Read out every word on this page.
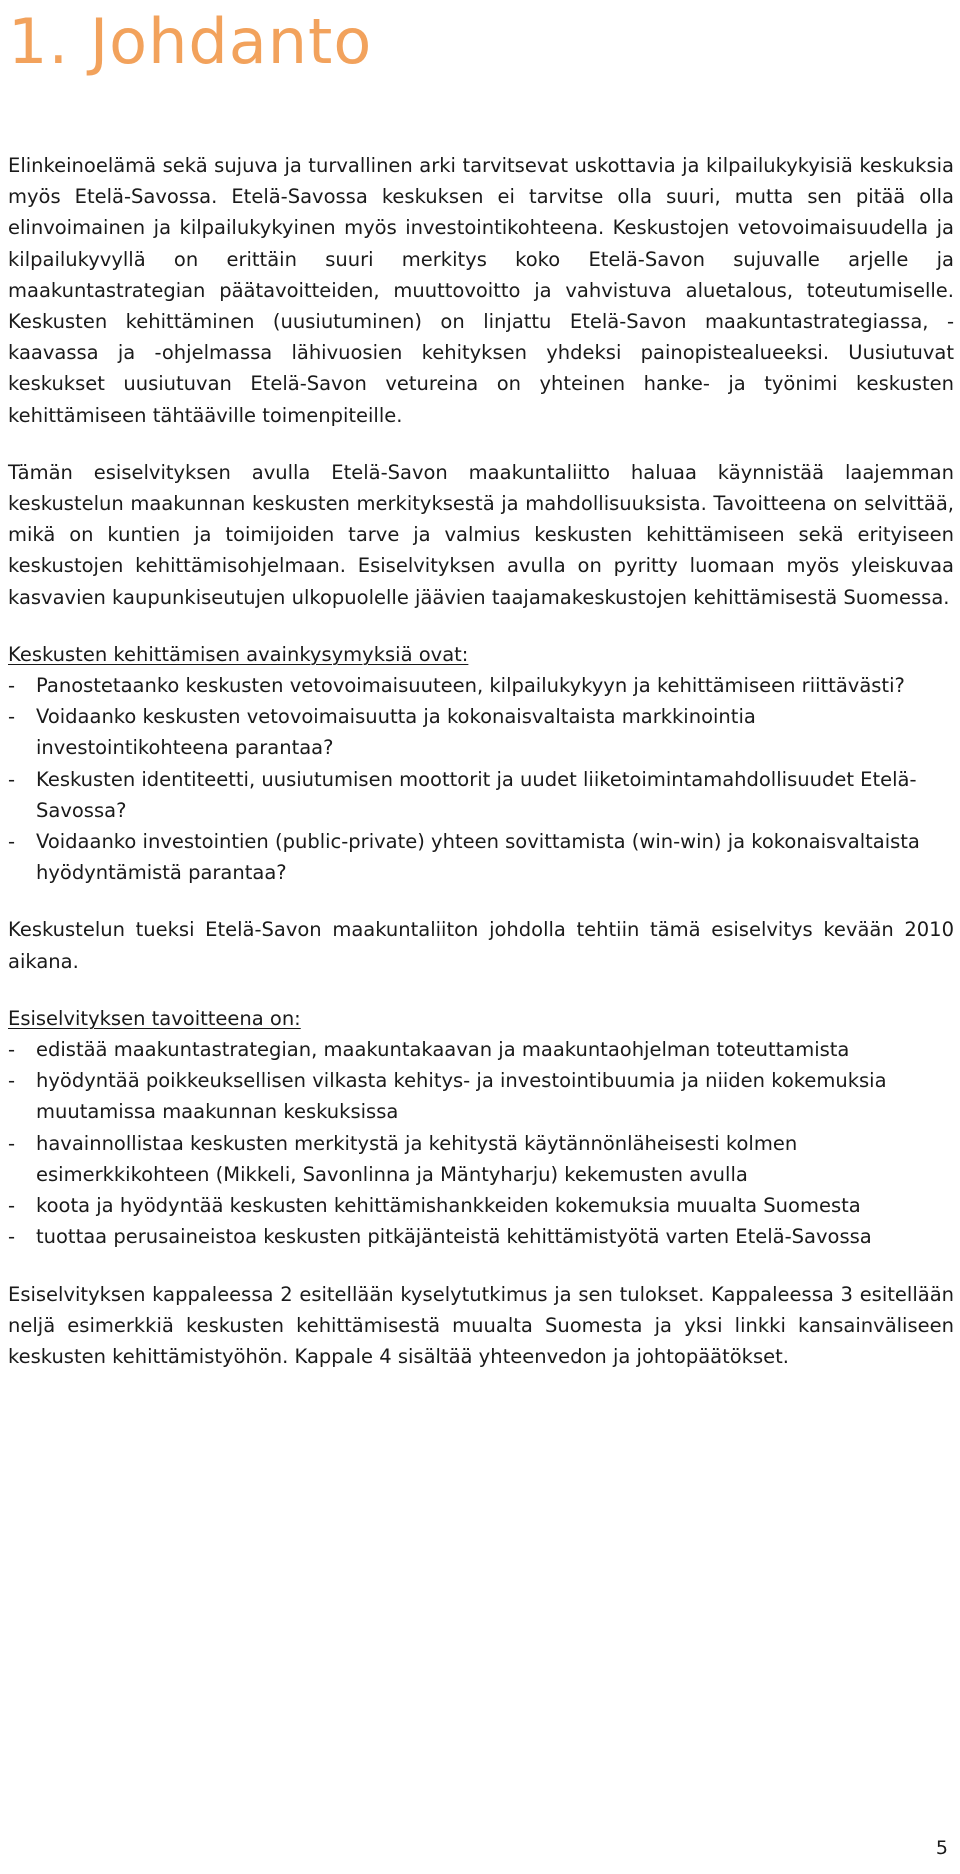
1. Johdanto

Elinkeinoelämä sekä sujuva ja turvallinen arki tarvitsevat uskottavia ja kilpailukykyisiä keskuksia myös Etelä-Savossa. Etelä-Savossa keskuksen ei tarvitse olla suuri, mutta sen pitää olla elinvoimainen ja kilpailukykyinen myös investointikohteena. Keskustojen vetovoimaisuudella ja kilpailukyvyllä on erittäin suuri merkitys koko Etelä-Savon sujuvalle arjelle ja maakuntastrategian päätavoitteiden, muuttovoitto ja vahvistuva aluetalous, toteutumiselle. Keskusten kehittäminen (uusiutuminen) on linjattu Etelä-Savon maakuntastrategiassa, -kaavassa ja -ohjelmassa lähivuosien kehityksen yhdeksi painopistealueeksi. Uusiutuvat keskukset uusiutuvan Etelä-Savon vetureina on yhteinen hanke- ja työnimi keskusten kehittämiseen tähtääville toimenpiteille.

Tämän esiselvityksen avulla Etelä-Savon maakuntaliitto haluaa käynnistää laajemman keskustelun maakunnan keskusten merkityksestä ja mahdollisuuksista. Tavoitteena on selvittää, mikä on kuntien ja toimijoiden tarve ja valmius keskusten kehittämiseen sekä erityiseen keskustojen kehittämisohjelmaan. Esiselvityksen avulla on pyritty luomaan myös yleiskuvaa kasvavien kaupunkiseutujen ulkopuolelle jäävien taajamakeskustojen kehittämisestä Suomessa.

Keskusten kehittämisen avainkysymyksiä ovat:

-	Panostetaanko keskusten vetovoimaisuuteen, kilpailukykyyn ja kehittämiseen riittävästi?
-	Voidaanko keskusten vetovoimaisuutta ja kokonaisvaltaista markkinointia investointikohteena parantaa?
-	Keskusten identiteetti, uusiutumisen moottorit ja uudet liiketoimintamahdollisuudet Etelä-Savossa?
-	Voidaanko investointien (public-private) yhteen sovittamista (win-win) ja kokonaisvaltaista hyödyntämistä parantaa?

Keskustelun tueksi Etelä-Savon maakuntaliiton johdolla tehtiin tämä esiselvitys kevään 2010 aikana.

Esiselvityksen tavoitteena on:

-	edistää maakuntastrategian, maakuntakaavan ja maakuntaohjelman toteuttamista
-	hyödyntää poikkeuksellisen vilkasta kehitys- ja investointibuumia ja niiden kokemuksia muutamissa maakunnan keskuksissa
-	havainnollistaa keskusten merkitystä ja kehitystä käytännönläheisesti kolmen esimerkkikohteen (Mikkeli, Savonlinna ja Mäntyharju) kekemusten avulla
-	koota ja hyödyntää keskusten kehittämishankkeiden kokemuksia muualta Suomesta
-	tuottaa perusaineistoa keskusten pitkäjänteistä kehittämistyötä varten Etelä-Savossa

Esiselvityksen kappaleessa 2 esitellään kyselytutkimus ja sen tulokset. Kappaleessa 3 esitellään neljä esimerkkiä keskusten kehittämisestä muualta Suomesta ja yksi linkki kansainväliseen keskusten kehittämistyöhön. Kappale 4 sisältää yhteenvedon ja johtopäätökset.

5
